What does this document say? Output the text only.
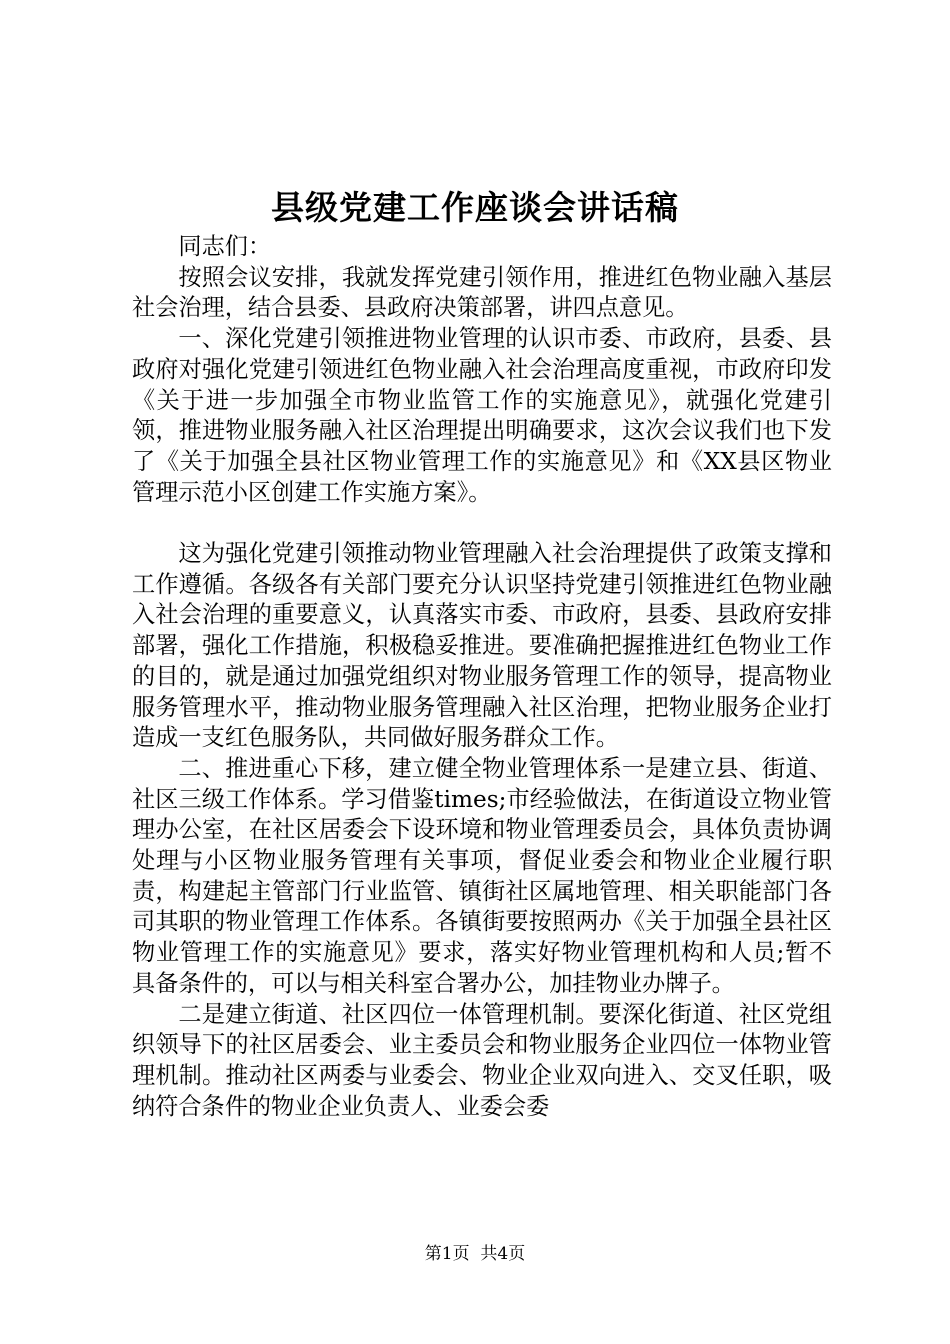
县级党建工作座谈会讲话稿

同志们：

按照会议安排，我就发挥党建引领作用，推进红色物业融入基层社会治理，结合县委、县政府决策部署，讲四点意见。

一、深化党建引领推进物业管理的认识市委、市政府，县委、县政府对强化党建引领进红色物业融入社会治理高度重视，市政府印发《关于进一步加强全市物业监管工作的实施意见》，就强化党建引领，推进物业服务融入社区治理提出明确要求，这次会议我们也下发了《关于加强全县社区物业管理工作的实施意见》和《XX县区物业管理示范小区创建工作实施方案》。

这为强化党建引领推动物业管理融入社会治理提供了政策支撑和工作遵循。各级各有关部门要充分认识坚持党建引领推进红色物业融入社会治理的重要意义，认真落实市委、市政府，县委、县政府安排部署，强化工作措施，积极稳妥推进。要准确把握推进红色物业工作的目的，就是通过加强党组织对物业服务管理工作的领导，提高物业服务管理水平，推动物业服务管理融入社区治理，把物业服务企业打造成一支红色服务队，共同做好服务群众工作。

二、推进重心下移，建立健全物业管理体系一是建立县、街道、社区三级工作体系。学习借鉴times;市经验做法，在街道设立物业管理办公室，在社区居委会下设环境和物业管理委员会，具体负责协调处理与小区物业服务管理有关事项，督促业委会和物业企业履行职责，构建起主管部门行业监管、镇街社区属地管理、相关职能部门各司其职的物业管理工作体系。各镇街要按照两办《关于加强全县社区物业管理工作的实施意见》要求，落实好物业管理机构和人员;暂不具备条件的，可以与相关科室合署办公，加挂物业办牌子。

二是建立街道、社区四位一体管理机制。要深化街道、社区党组织领导下的社区居委会、业主委员会和物业服务企业四位一体物业管理机制。推动社区两委与业委会、物业企业双向进入、交叉任职，吸纳符合条件的物业企业负责人、业委会委

第1页 共4页
